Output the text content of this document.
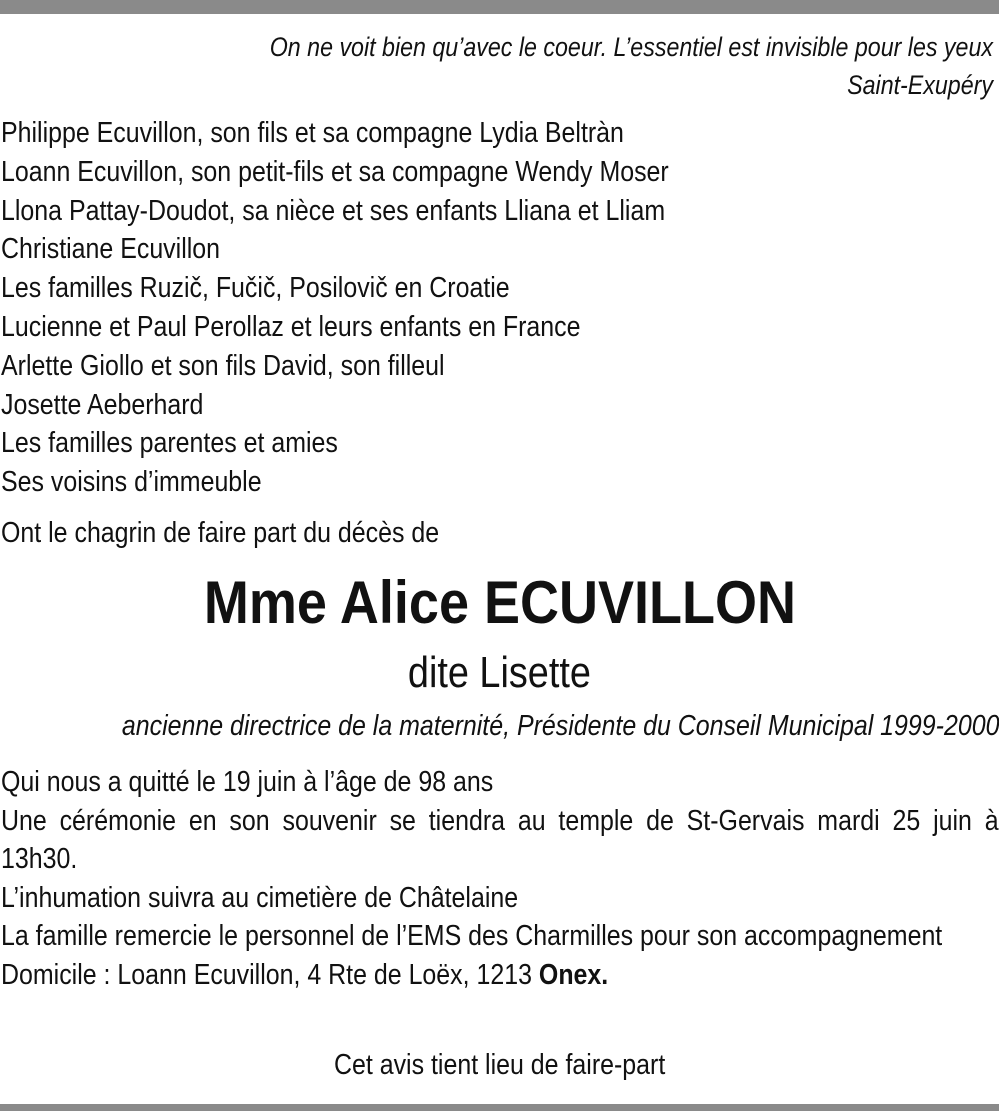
On ne voit bien qu’avec le coeur. L’essentiel est invisible pour les yeux
Saint-Exupéry
Philippe Ecuvillon, son fils et sa compagne Lydia Beltràn
Loann Ecuvillon, son petit-fils et sa compagne Wendy Moser
Llona Pattay-Doudot, sa nièce et ses enfants Lliana et Lliam
Christiane Ecuvillon
Les familles Ruzič, Fučič, Posilovič en Croatie
Lucienne et Paul Perollaz et leurs enfants en France
Arlette Giollo et son fils David, son filleul
Josette Aeberhard
Les familles parentes et amies
Ses voisins d’immeuble
Ont le chagrin de faire part du décès de
Mme Alice ECUVILLON
dite Lisette
ancienne directrice de la maternité, Présidente du Conseil Municipal 1999-2000

Qui nous a quitté le 19 juin à l’âge de 98 ans

Une cérémonie en son souvenir se tiendra au temple de St-Gervais mardi 25 juin à 13h30.

L’inhumation suivra au cimetière de Châtelaine

La famille remercie le personnel de l’EMS des Charmilles pour son accompagnement

Domicile : Loann Ecuvillon, 4 Rte de Loëx, 1213 Onex.

Cet avis tient lieu de faire-part
